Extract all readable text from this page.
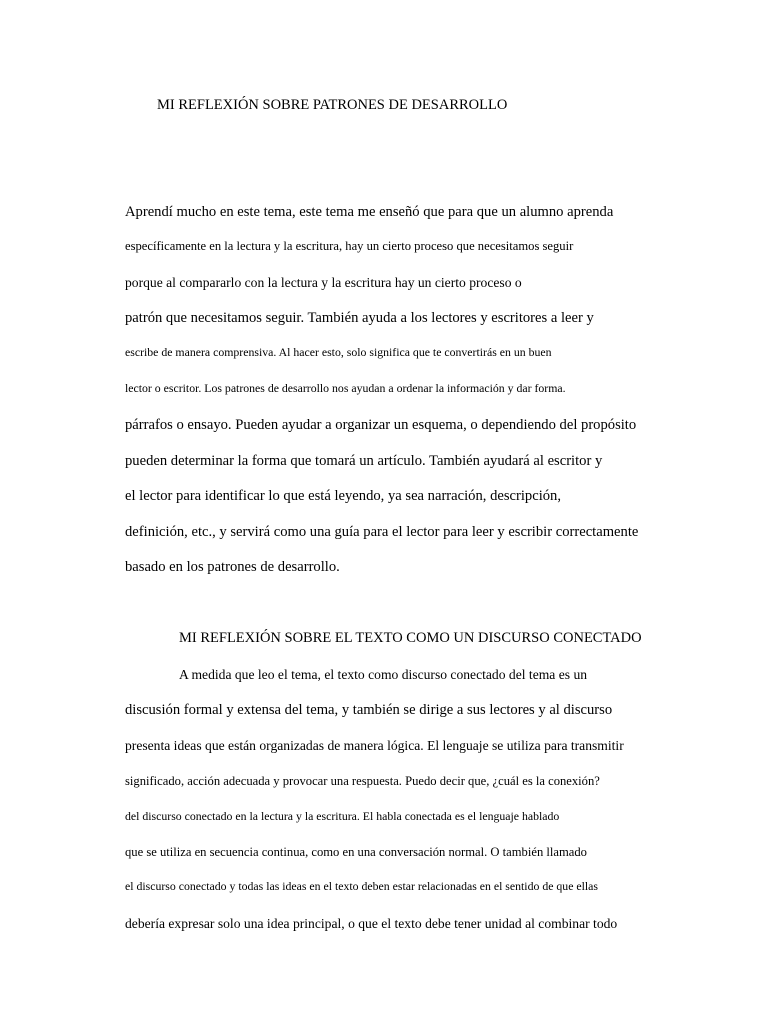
MI REFLEXIÓN SOBRE PATRONES DE DESARROLLO
Aprendí mucho en este tema, este tema me enseñó que para que un alumno aprenda
específicamente en la lectura y la escritura, hay un cierto proceso que necesitamos seguir
porque al compararlo con la lectura y la escritura hay un cierto proceso o
patrón que necesitamos seguir. También ayuda a los lectores y escritores a leer y
escribe de manera comprensiva. Al hacer esto, solo significa que te convertirás en un buen
lector o escritor. Los patrones de desarrollo nos ayudan a ordenar la información y dar forma.
párrafos o ensayo. Pueden ayudar a organizar un esquema, o dependiendo del propósito
pueden determinar la forma que tomará un artículo. También ayudará al escritor y
el lector para identificar lo que está leyendo, ya sea narración, descripción,
definición, etc., y servirá como una guía para el lector para leer y escribir correctamente
basado en los patrones de desarrollo.
MI REFLEXIÓN SOBRE EL TEXTO COMO UN DISCURSO CONECTADO
A medida que leo el tema, el texto como discurso conectado del tema es un
discusión formal y extensa del tema, y también se dirige a sus lectores y al discurso
presenta ideas que están organizadas de manera lógica. El lenguaje se utiliza para transmitir
significado, acción adecuada y provocar una respuesta. Puedo decir que, ¿cuál es la conexión?
del discurso conectado en la lectura y la escritura. El habla conectada es el lenguaje hablado
que se utiliza en secuencia continua, como en una conversación normal. O también llamado
el discurso conectado y todas las ideas en el texto deben estar relacionadas en el sentido de que ellas
debería expresar solo una idea principal, o que el texto debe tener unidad al combinar todo
